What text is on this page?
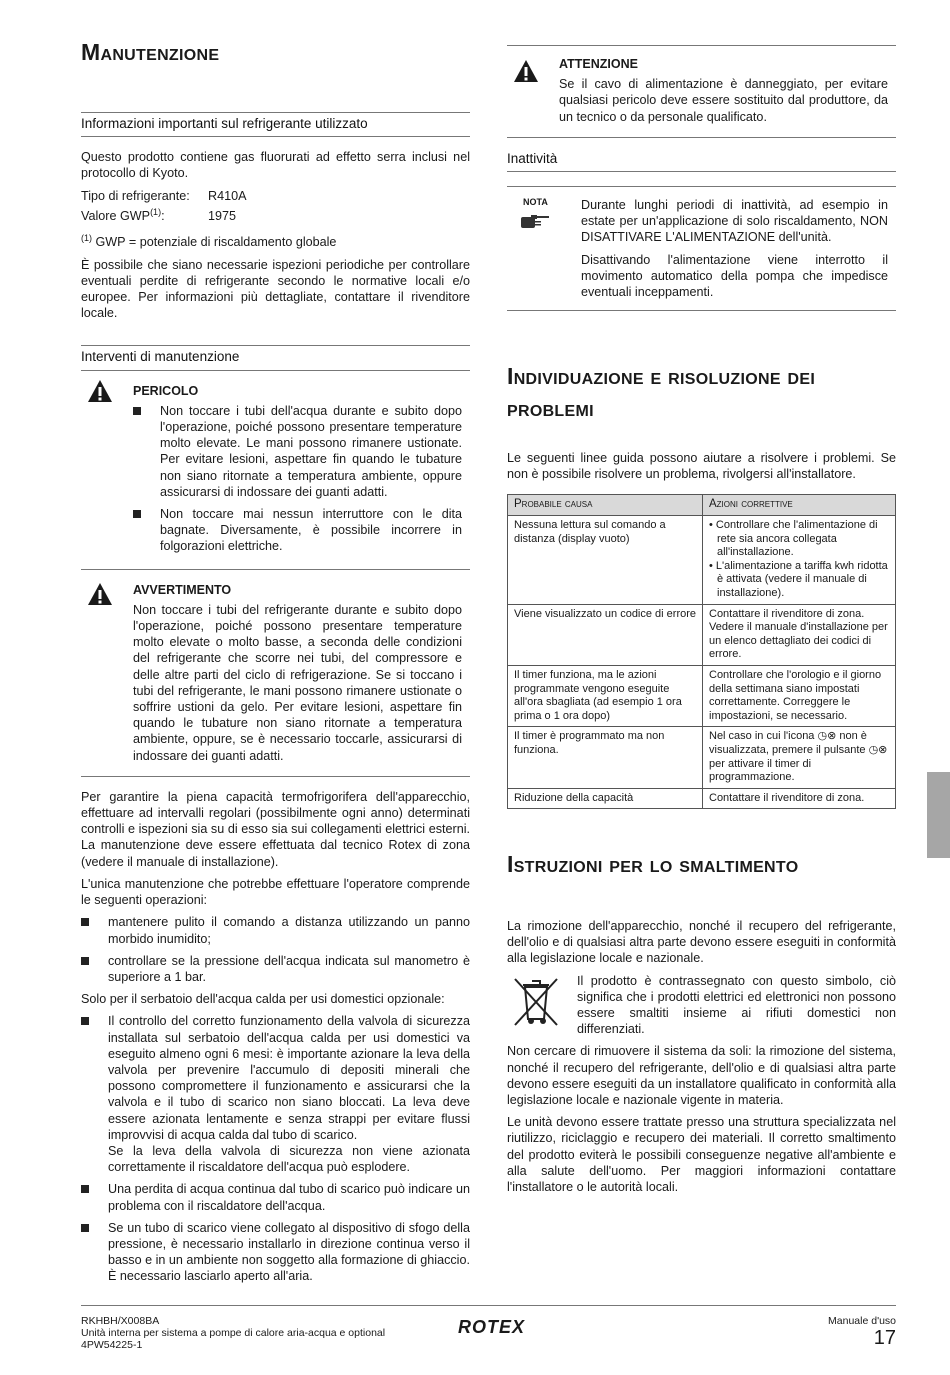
Manutenzione
Informazioni importanti sul refrigerante utilizzato

Questo prodotto contiene gas fluorurati ad effetto serra inclusi nel protocollo di Kyoto.

Tipo di refrigerante: R410A
Valore GWP$^{(1)}$:	1975
$^{(1)}$ GWP = potenziale di riscaldamento globale

È possibile che siano necessarie ispezioni periodiche per controllare eventuali perdite di refrigerante secondo le normative locali e/o europee. Per informazioni più dettagliate, contattare il rivenditore locale.

Interventi di manutenzione
PERICOLO
Non toccare i tubi dell'acqua durante e subito dopo l'operazione, poiché possono presentare temperature molto elevate. Le mani possono rimanere ustionate. Per evitare lesioni, aspettare fin quando le tubature non siano ritornate a temperatura ambiente, oppure assicurarsi di indossare dei guanti adatti.
Non toccare mai nessun interruttore con le dita bagnate. Diversamente, è possibile incorrere in folgorazioni elettriche.
AVVERTIMENTO

Non toccare i tubi del refrigerante durante e subito dopo l'operazione, poiché possono presentare temperature molto elevate o molto basse, a seconda delle condizioni del refrigerante che scorre nei tubi, del compressore e delle altre parti del ciclo di refrigerazione. Se si toccano i tubi del refrigerante, le mani possono rimanere ustionate o soffrire ustioni da gelo. Per evitare lesioni, aspettare fin quando le tubature non siano ritornate a temperatura ambiente, oppure, se è necessario toccarle, assicurarsi di indossare dei guanti adatti.

Per garantire la piena capacità termofrigorifera dell'apparecchio, effettuare ad intervalli regolari (possibilmente ogni anno) determinati controlli e ispezioni sia su di esso sia sui collegamenti elettrici esterni. La manutenzione deve essere effettuata dal tecnico Rotex di zona (vedere il manuale di installazione).

L'unica manutenzione che potrebbe effettuare l'operatore comprende le seguenti operazioni:

mantenere pulito il comando a distanza utilizzando un panno morbido inumidito;
controllare se la pressione dell'acqua indicata sul manometro è superiore a 1 bar.

Solo per il serbatoio dell'acqua calda per usi domestici opzionale:

Il controllo del corretto funzionamento della valvola di sicurezza installata sul serbatoio dell'acqua calda per usi domestici va eseguito almeno ogni 6 mesi: è importante azionare la leva della valvola per prevenire l'accumulo di depositi minerali che possono compromettere il funzionamento e assicurarsi che la valvola e il tubo di scarico non siano bloccati. La leva deve essere azionata lentamente e senza strappi per evitare flussi improvvisi di acqua calda dal tubo di scarico.
Se la leva della valvola di sicurezza non viene azionata correttamente il riscaldatore dell'acqua può esplodere.
Una perdita di acqua continua dal tubo di scarico può indicare un problema con il riscaldatore dell'acqua.
Se un tubo di scarico viene collegato al dispositivo di sfogo della pressione, è necessario installarlo in direzione continua verso il basso e in un ambiente non soggetto alla formazione di ghiaccio. È necessario lasciarlo aperto all'aria.
ATTENZIONE

Se il cavo di alimentazione è danneggiato, per evitare qualsiasi pericolo deve essere sostituito dal produttore, da un tecnico o da personale qualificato.

Inattività
NOTA	Durante lunghi periodi di inattività, ad esempio in estate per un'applicazione di solo riscaldamento, NON DISATTIVARE L'ALIMENTAZIONE dell'unità.

Disattivando l'alimentazione viene interrotto il movimento automatico della pompa che impedisce eventuali inceppamenti.

Individuazione e risoluzione dei problemi

Le seguenti linee guida possono aiutare a risolvere i problemi. Se non è possibile risolvere un problema, rivolgersi all'installatore.

Probabile causa	Azioni correttive
Nessuna lettura sul comando a distanza (display vuoto)	• Controllare che l'alimentazione di rete sia ancora collegata all'installazione.
• L'alimentazione a tariffa kwh ridotta è attivata (vedere il manuale di installazione).

Viene visualizzato un codice di errore	Contattare il rivenditore di zona. Vedere il manuale d'installazione per un elenco dettagliato dei codici di errore.
Il timer funziona, ma le azioni programmate vengono eseguite all'ora sbagliata (ad esempio 1 ora prima o 1 ora dopo)	Controllare che l'orologio e il giorno della settimana siano impostati correttamente. Correggere le impostazioni, se necessario.
Il timer è programmato ma non funziona.	Nel caso in cui l'icona ◷⊗ non è visualizzata, premere il pulsante ◷⊗ per attivare il timer di programmazione.
Riduzione della capacità	Contattare il rivenditore di zona.
Istruzioni per lo smaltimento

La rimozione dell'apparecchio, nonché il recupero del refrigerante, dell'olio e di qualsiasi altra parte devono essere eseguiti in conformità alla legislazione locale e nazionale.

Il prodotto è contrassegnato con questo simbolo, ciò significa che i prodotti elettrici ed elettronici non possono essere smaltiti insieme ai rifiuti domestici non differenziati.

Non cercare di rimuovere il sistema da soli: la rimozione del sistema, nonché il recupero del refrigerante, dell'olio e di qualsiasi altra parte devono essere eseguiti da un installatore qualificato in conformità alla legislazione locale e nazionale vigente in materia.

Le unità devono essere trattate presso una struttura specializzata nel riutilizzo, riciclaggio e recupero dei materiali. Il corretto smaltimento del prodotto eviterà le possibili conseguenze negative all'ambiente e alla salute dell'uomo. Per maggiori informazioni contattare l'installatore o le autorità locali.

RKHBH/X008BA
Unità interna per sistema a pompe di calore aria-acqua e optional
4PW54225-1
ROTEX	Manuale d'uso
17
